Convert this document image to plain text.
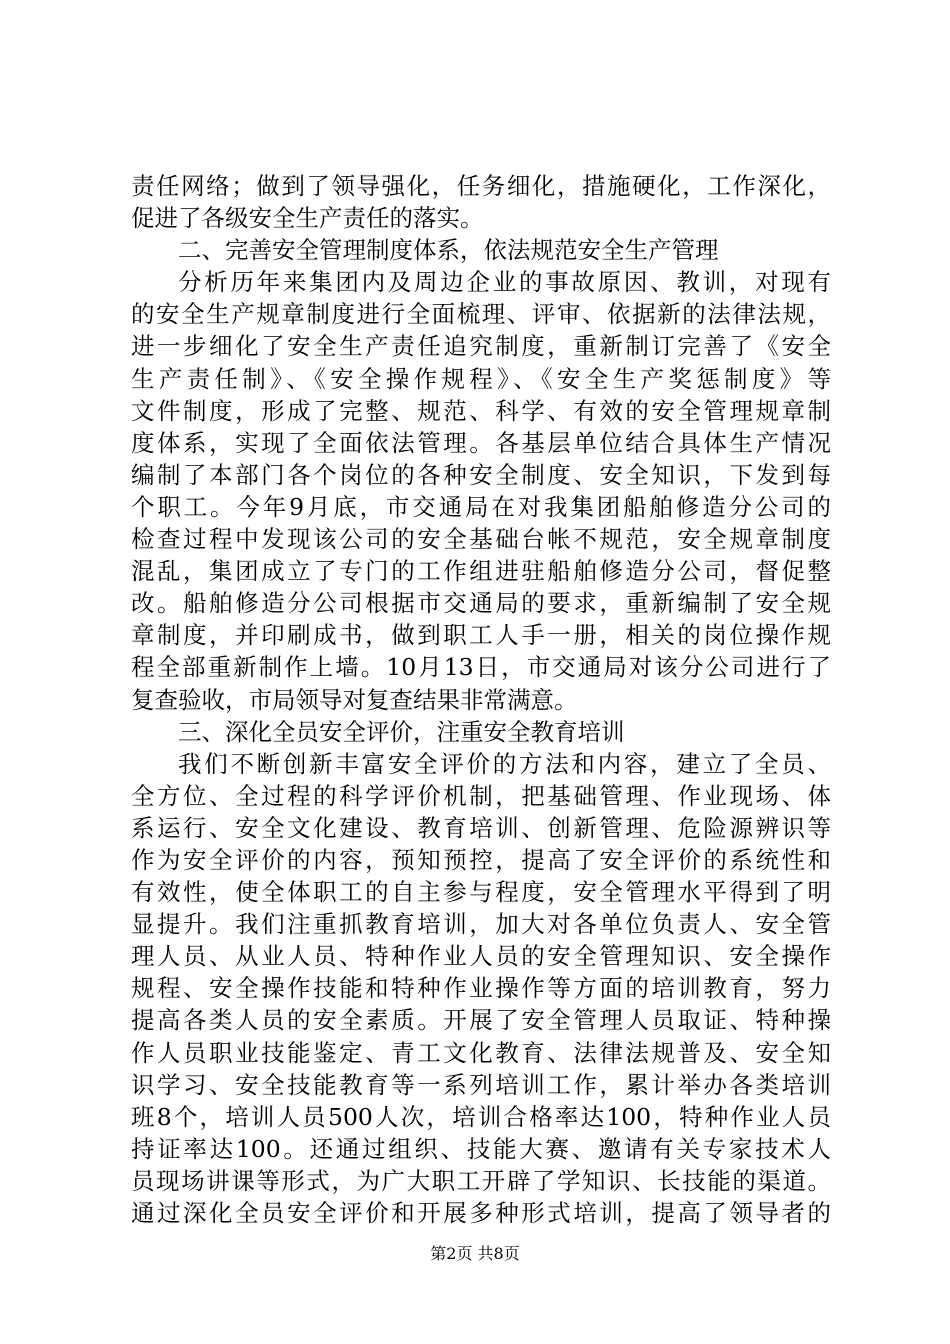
责任网络；做到了领导强化，任务细化，措施硬化，工作深化，
促进了各级安全生产责任的落实。
二、完善安全管理制度体系，依法规范安全生产管理
分析历年来集团内及周边企业的事故原因、教训，对现有
的安全生产规章制度进行全面梳理、评审、依据新的法律法规，
进一步细化了安全生产责任追究制度，重新制订完善了《安全
生产责任制》、《安全操作规程》、《安全生产奖惩制度》等
文件制度，形成了完整、规范、科学、有效的安全管理规章制
度体系，实现了全面依法管理。各基层单位结合具体生产情况
编制了本部门各个岗位的各种安全制度、安全知识，下发到每
个职工。今年9月底，市交通局在对我集团船舶修造分公司的
检查过程中发现该公司的安全基础台帐不规范，安全规章制度
混乱，集团成立了专门的工作组进驻船舶修造分公司，督促整
改。船舶修造分公司根据市交通局的要求，重新编制了安全规
章制度，并印刷成书，做到职工人手一册，相关的岗位操作规
程全部重新制作上墙。10月13日，市交通局对该分公司进行了
复查验收，市局领导对复查结果非常满意。
三、深化全员安全评价，注重安全教育培训
我们不断创新丰富安全评价的方法和内容，建立了全员、
全方位、全过程的科学评价机制，把基础管理、作业现场、体
系运行、安全文化建设、教育培训、创新管理、危险源辨识等
作为安全评价的内容，预知预控，提高了安全评价的系统性和
有效性，使全体职工的自主参与程度，安全管理水平得到了明
显提升。我们注重抓教育培训，加大对各单位负责人、安全管
理人员、从业人员、特种作业人员的安全管理知识、安全操作
规程、安全操作技能和特种作业操作等方面的培训教育，努力
提高各类人员的安全素质。开展了安全管理人员取证、特种操
作人员职业技能鉴定、青工文化教育、法律法规普及、安全知
识学习、安全技能教育等一系列培训工作，累计举办各类培训
班8个，培训人员500人次，培训合格率达100，特种作业人员
持证率达100。还通过组织、技能大赛、邀请有关专家技术人
员现场讲课等形式，为广大职工开辟了学知识、长技能的渠道。
通过深化全员安全评价和开展多种形式培训，提高了领导者的
第2页 共8页
